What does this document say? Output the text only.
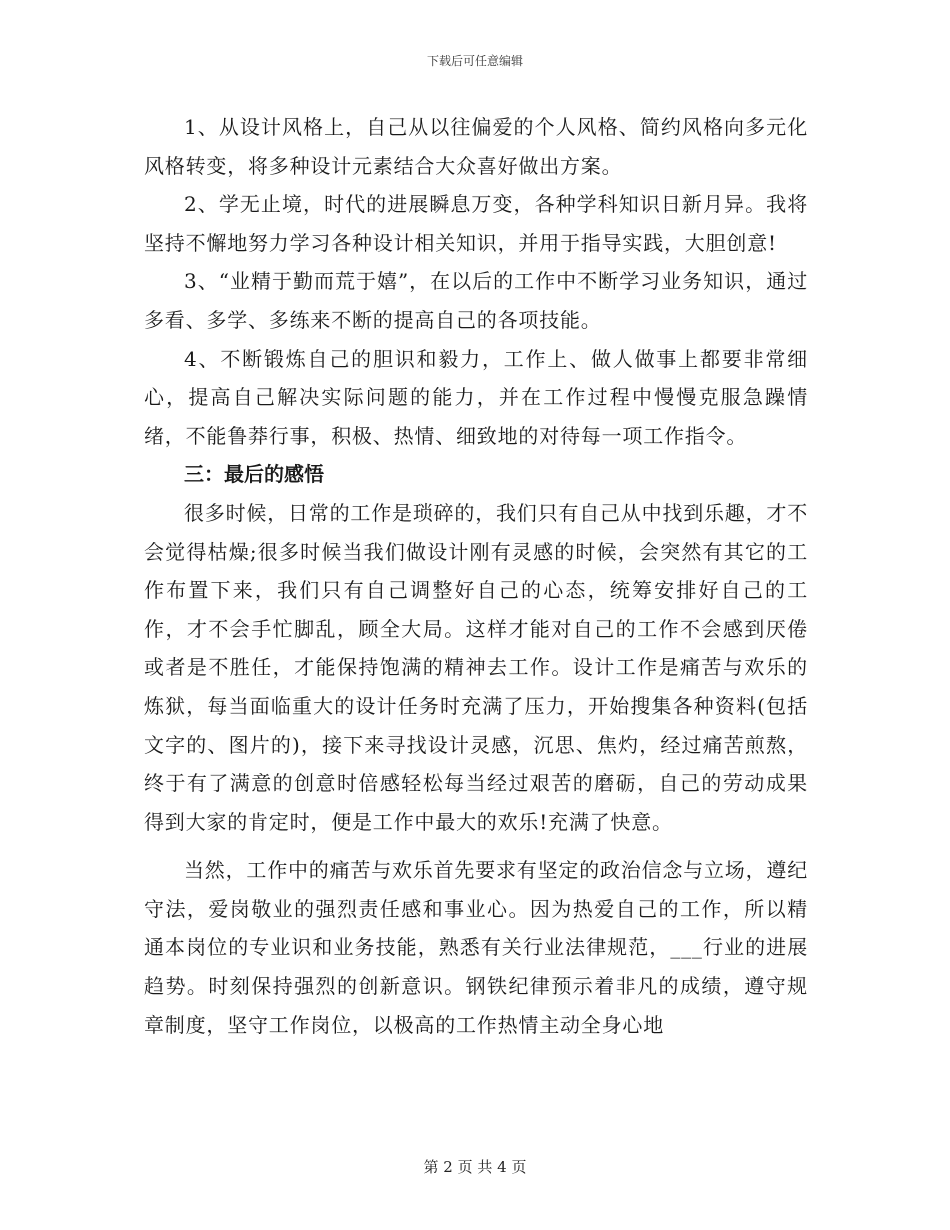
下载后可任意编辑

1、从设计风格上，自己从以往偏爱的个人风格、简约风格向多元化风格转变，将多种设计元素结合大众喜好做出方案。

2、学无止境，时代的进展瞬息万变，各种学科知识日新月异。我将坚持不懈地努力学习各种设计相关知识，并用于指导实践，大胆创意!

3、“业精于勤而荒于嬉”，在以后的工作中不断学习业务知识，通过多看、多学、多练来不断的提高自己的各项技能。

4、不断锻炼自己的胆识和毅力，工作上、做人做事上都要非常细心，提高自己解决实际问题的能力，并在工作过程中慢慢克服急躁情绪，不能鲁莽行事，积极、热情、细致地的对待每一项工作指令。

三：最后的感悟

很多时候，日常的工作是琐碎的，我们只有自己从中找到乐趣，才不会觉得枯燥;很多时候当我们做设计刚有灵感的时候，会突然有其它的工作布置下来，我们只有自己调整好自己的心态，统筹安排好自己的工作，才不会手忙脚乱，顾全大局。这样才能对自己的工作不会感到厌倦或者是不胜任，才能保持饱满的精神去工作。设计工作是痛苦与欢乐的炼狱，每当面临重大的设计任务时充满了压力，开始搜集各种资料(包括文字的、图片的)，接下来寻找设计灵感，沉思、焦灼，经过痛苦煎熬，终于有了满意的创意时倍感轻松每当经过艰苦的磨砺，自己的劳动成果得到大家的肯定时，便是工作中最大的欢乐!充满了快意。

当然，工作中的痛苦与欢乐首先要求有坚定的政治信念与立场，遵纪守法，爱岗敬业的强烈责任感和事业心。因为热爱自己的工作，所以精通本岗位的专业识和业务技能，熟悉有关行业法律规范，___行业的进展趋势。时刻保持强烈的创新意识。钢铁纪律预示着非凡的成绩，遵守规章制度，坚守工作岗位，以极高的工作热情主动全身心地

第 2 页 共 4 页
